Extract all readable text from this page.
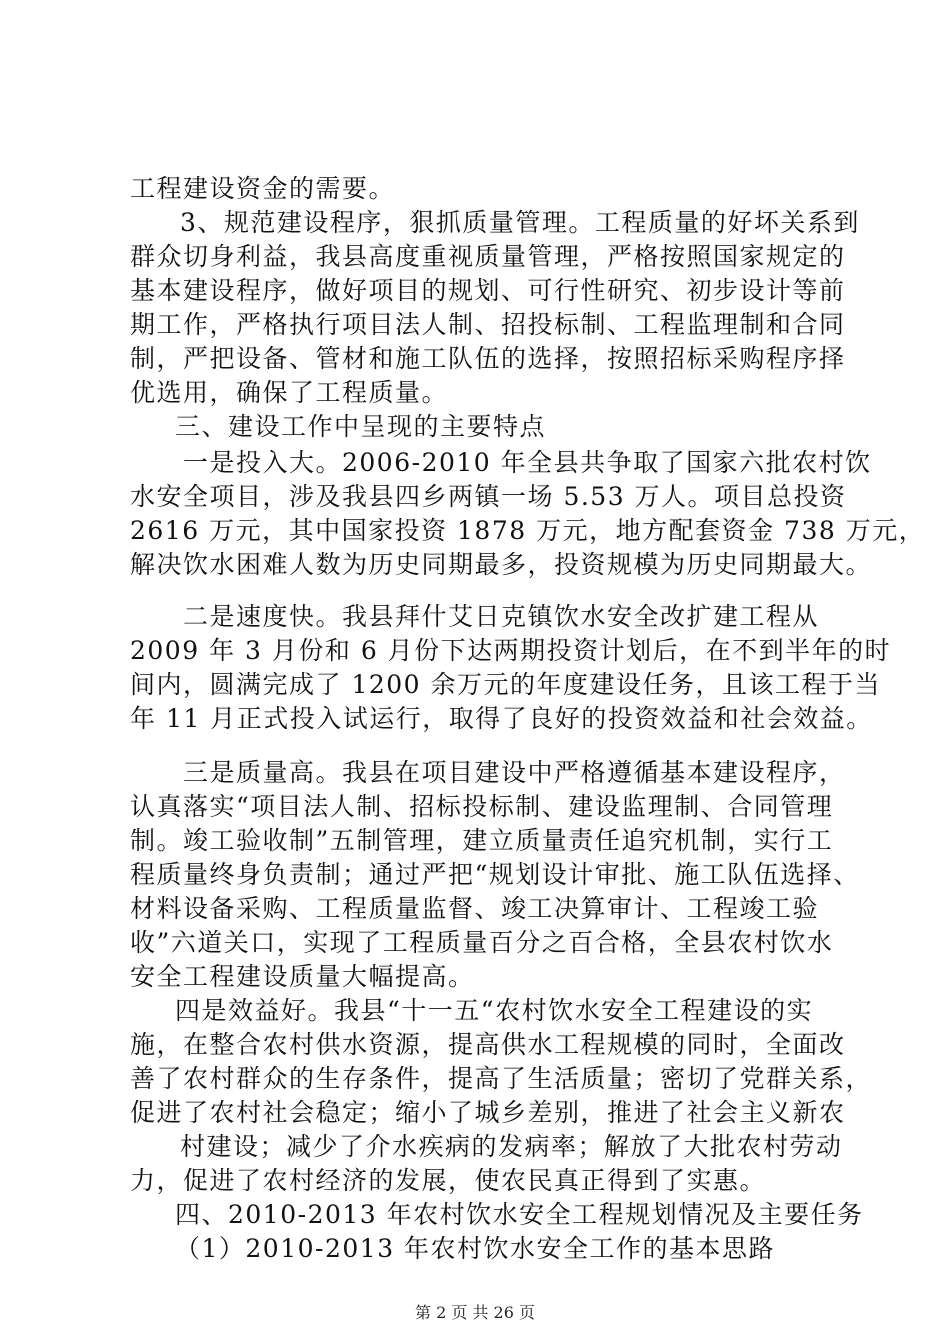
工程建设资金的需要。
3、规范建设程序，狠抓质量管理。工程质量的好坏关系到
群众切身利益，我县高度重视质量管理，严格按照国家规定的
基本建设程序，做好项目的规划、可行性研究、初步设计等前
期工作，严格执行项目法人制、招投标制、工程监理制和合同
制，严把设备、管材和施工队伍的选择，按照招标采购程序择
优选用，确保了工程质量。
三、建设工作中呈现的主要特点
一是投入大。2006-2010 年全县共争取了国家六批农村饮
水安全项目，涉及我县四乡两镇一场 5.53 万人。项目总投资
2616 万元，其中国家投资 1878 万元，地方配套资金 738 万元，
解决饮水困难人数为历史同期最多，投资规模为历史同期最大。
二是速度快。我县拜什艾日克镇饮水安全改扩建工程从
2009 年 3 月份和 6 月份下达两期投资计划后，在不到半年的时
间内，圆满完成了 1200 余万元的年度建设任务，且该工程于当
年 11 月正式投入试运行，取得了良好的投资效益和社会效益。
三是质量高。我县在项目建设中严格遵循基本建设程序，
认真落实“项目法人制、招标投标制、建设监理制、合同管理
制。竣工验收制”五制管理，建立质量责任追究机制，实行工
程质量终身负责制；通过严把“规划设计审批、施工队伍选择、
材料设备采购、工程质量监督、竣工决算审计、工程竣工验
收”六道关口，实现了工程质量百分之百合格，全县农村饮水
安全工程建设质量大幅提高。
四是效益好。我县“十一五“农村饮水安全工程建设的实
施，在整合农村供水资源，提高供水工程规模的同时，全面改
善了农村群众的生存条件，提高了生活质量；密切了党群关系，
促进了农村社会稳定；缩小了城乡差别，推进了社会主义新农
村建设；减少了介水疾病的发病率；解放了大批农村劳动
力，促进了农村经济的发展，使农民真正得到了实惠。
四、2010-2013 年农村饮水安全工程规划情况及主要任务
（1）2010-2013 年农村饮水安全工作的基本思路
第 2 页 共 26 页
